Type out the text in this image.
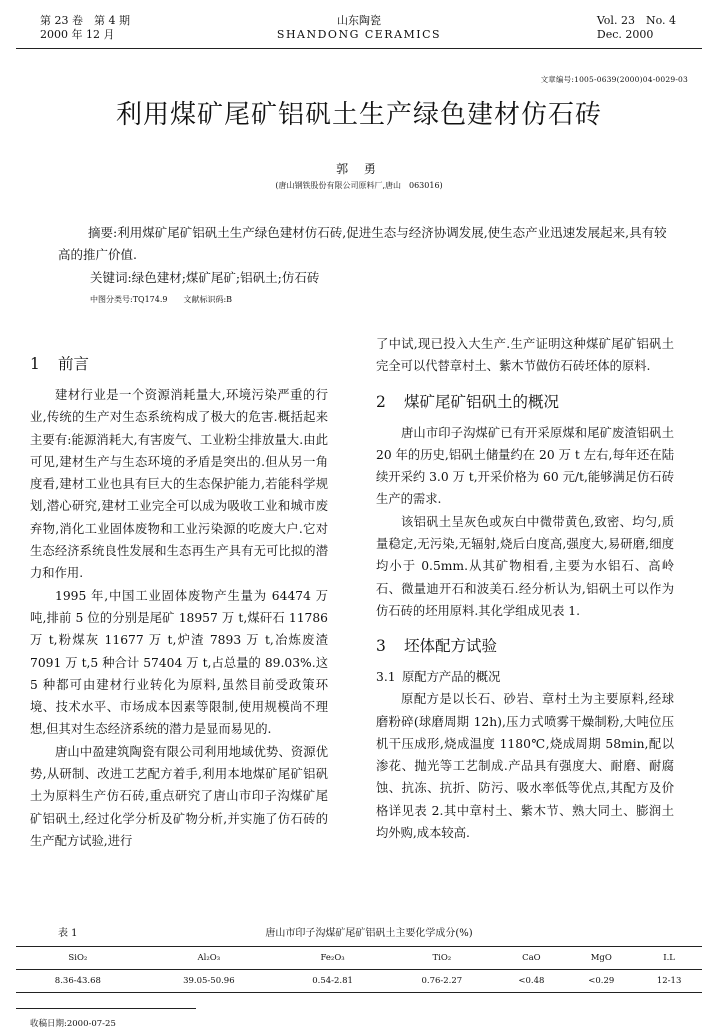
第 23 卷　第 4 期
2000 年 12 月
山东陶瓷
SHANDONG CERAMICS
Vol. 23　No. 4
Dec. 2000
文章编号:1005-0639(2000)04-0029-03
利用煤矿尾矿铝矾土生产绿色建材仿石砖
郭 勇
(唐山钢铁股份有限公司原料厂,唐山　063016)

摘要:利用煤矿尾矿铝矾土生产绿色建材仿石砖,促进生态与经济协调发展,使生态产业迅速发展起来,具有较高的推广价值.

关键词:绿色建材;煤矿尾矿;铝矾土;仿石砖
中图分类号:TQ174.9　　文献标识码:B
1 前言

建材行业是一个资源消耗量大,环境污染严重的行业,传统的生产对生态系统构成了极大的危害.概括起来主要有:能源消耗大,有害废气、工业粉尘排放量大.由此可见,建材生产与生态环境的矛盾是突出的.但从另一角度看,建材工业也具有巨大的生态保护能力,若能科学规划,潜心研究,建材工业完全可以成为吸收工业和城市废弃物,消化工业固体废物和工业污染源的吃废大户.它对生态经济系统良性发展和生态再生产具有无可比拟的潜力和作用.

1995 年,中国工业固体废物产生量为 64474 万吨,排前 5 位的分别是尾矿 18957 万 t,煤矸石 11786 万 t,粉煤灰 11677 万 t,炉渣 7893 万 t,冶炼废渣 7091 万 t,5 种合计 57404 万 t,占总量的 89.03%.这 5 种都可由建材行业转化为原料,虽然目前受政策环境、技术水平、市场成本因素等限制,使用规模尚不理想,但其对生态经济系统的潜力是显而易见的.

唐山中盈建筑陶瓷有限公司利用地域优势、资源优势,从研制、改进工艺配方着手,利用本地煤矿尾矿铝矾土为原料生产仿石砖,重点研究了唐山市印子沟煤矿尾矿铝矾土,经过化学分析及矿物分析,并实施了仿石砖的生产配方试验,进行

了中试,现已投入大生产.生产证明这种煤矿尾矿铝矾土完全可以代替章村土、紫木节做仿石砖坯体的原料.

2 煤矿尾矿铝矾土的概况

唐山市印子沟煤矿已有开采原煤和尾矿废渣铝矾土 20 年的历史,铝矾土储量约在 20 万 t 左右,每年还在陆续开采约 3.0 万 t,开采价格为 60 元/t,能够满足仿石砖生产的需求.

该铝矾土呈灰色或灰白中微带黄色,致密、均匀,质量稳定,无污染,无辐射,烧后白度高,强度大,易研磨,细度均小于 0.5mm.从其矿物相看,主要为水铝石、高岭石、微量迪开石和波美石.经分析认为,铝矾土可以作为仿石砖的坯用原料.其化学组成见表 1.

3 坯体配方试验
3.1 原配方产品的概况

原配方是以长石、砂岩、章村土为主要原料,经球磨粉碎(球磨周期 12h),压力式喷雾干燥制粉,大吨位压机干压成形,烧成温度 1180℃,烧成周期 58min,配以渗花、抛光等工艺制成.产品具有强度大、耐磨、耐腐蚀、抗冻、抗折、防污、吸水率低等优点,其配方及价格详见表 2.其中章村土、紫木节、熟大同土、膨润土均外购,成本较高.

表 1	唐山市印子沟煤矿尾矿铝矾土主要化学成分(%)
SiO₂	Al₂O₃	Fe₂O₃	TiO₂	CaO	MgO	I.L
8.36-43.68	39.05-50.96	0.54-2.81	0.76-2.27	<0.48	<0.29	12-13
收稿日期:2000-07-25
